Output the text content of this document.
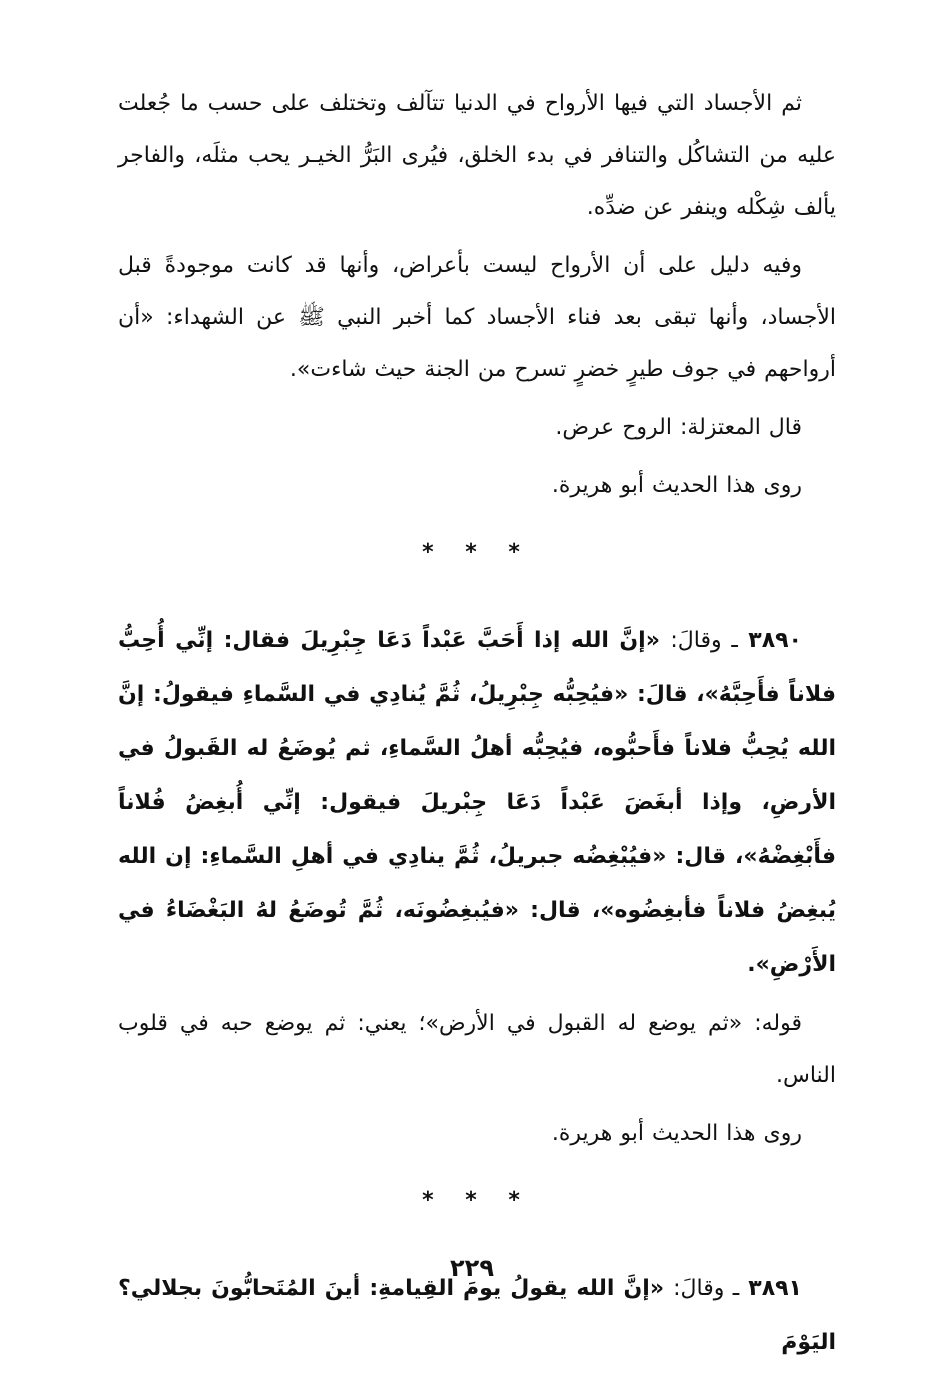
ثم الأجساد التي فيها الأرواح في الدنيا تتآلف وتختلف على حسب ما جُعلت عليه من التشاكُل والتنافر في بدء الخلق، فيُرى البَرُّ الخيـر يحب مثلَه، والفاجر يألف شِكْله وينفر عن ضدِّه.

وفيه دليل على أن الأرواح ليست بأعراض، وأنها قد كانت موجودةً قبل الأجساد، وأنها تبقى بعد فناء الأجساد كما أخبر النبي ﷺ عن الشهداء: «أن أرواحهم في جوف طيرٍ خضرٍ تسرح من الجنة حيث شاءت».

قال المعتزلة: الروح عرض.

روى هذا الحديث أبو هريرة.

* * *

٣٨٩٠ ـ وقالَ: «إنَّ الله إذا أَحَبَّ عَبْداً دَعَا جِبْرِيلَ فقال: إنِّي أُحِبُّ فلاناً فأَحِبَّهُ»، قالَ: «فيُحِبُّه جِبْرِيلُ، ثُمَّ يُنادِي في السَّماءِ فيقولُ: إنَّ الله يُحِبُّ فلاناً فأَحبُّوه، فيُحِبُّه أهلُ السَّماءِ، ثم يُوضَعُ له القَبولُ في الأرضِ، وإذا أبغَضَ عَبْداً دَعَا جِبْريلَ فيقول: إنِّي أُبغِضُ فُلاناً فأَبْغِضْهُ»، قال: «فيُبْغِضُه جبريلُ، ثُمَّ ينادِي في أهلِ السَّماءِ: إن الله يُبغِضُ فلاناً فأبغِضُوه»، قال: «فيُبغِضُونَه، ثُمَّ تُوضَعُ لهُ البَغْضَاءُ في الأَرْضِ».

قوله: «ثم يوضع له القبول في الأرض»؛ يعني: ثم يوضع حبه في قلوب الناس.

روى هذا الحديث أبو هريرة.

* * *

٣٨٩١ ـ وقالَ: «إنَّ الله يقولُ يومَ القِيامةِ: أينَ المُتَحابُّونَ بجلالي؟ اليَوْمَ

٢٢٩
